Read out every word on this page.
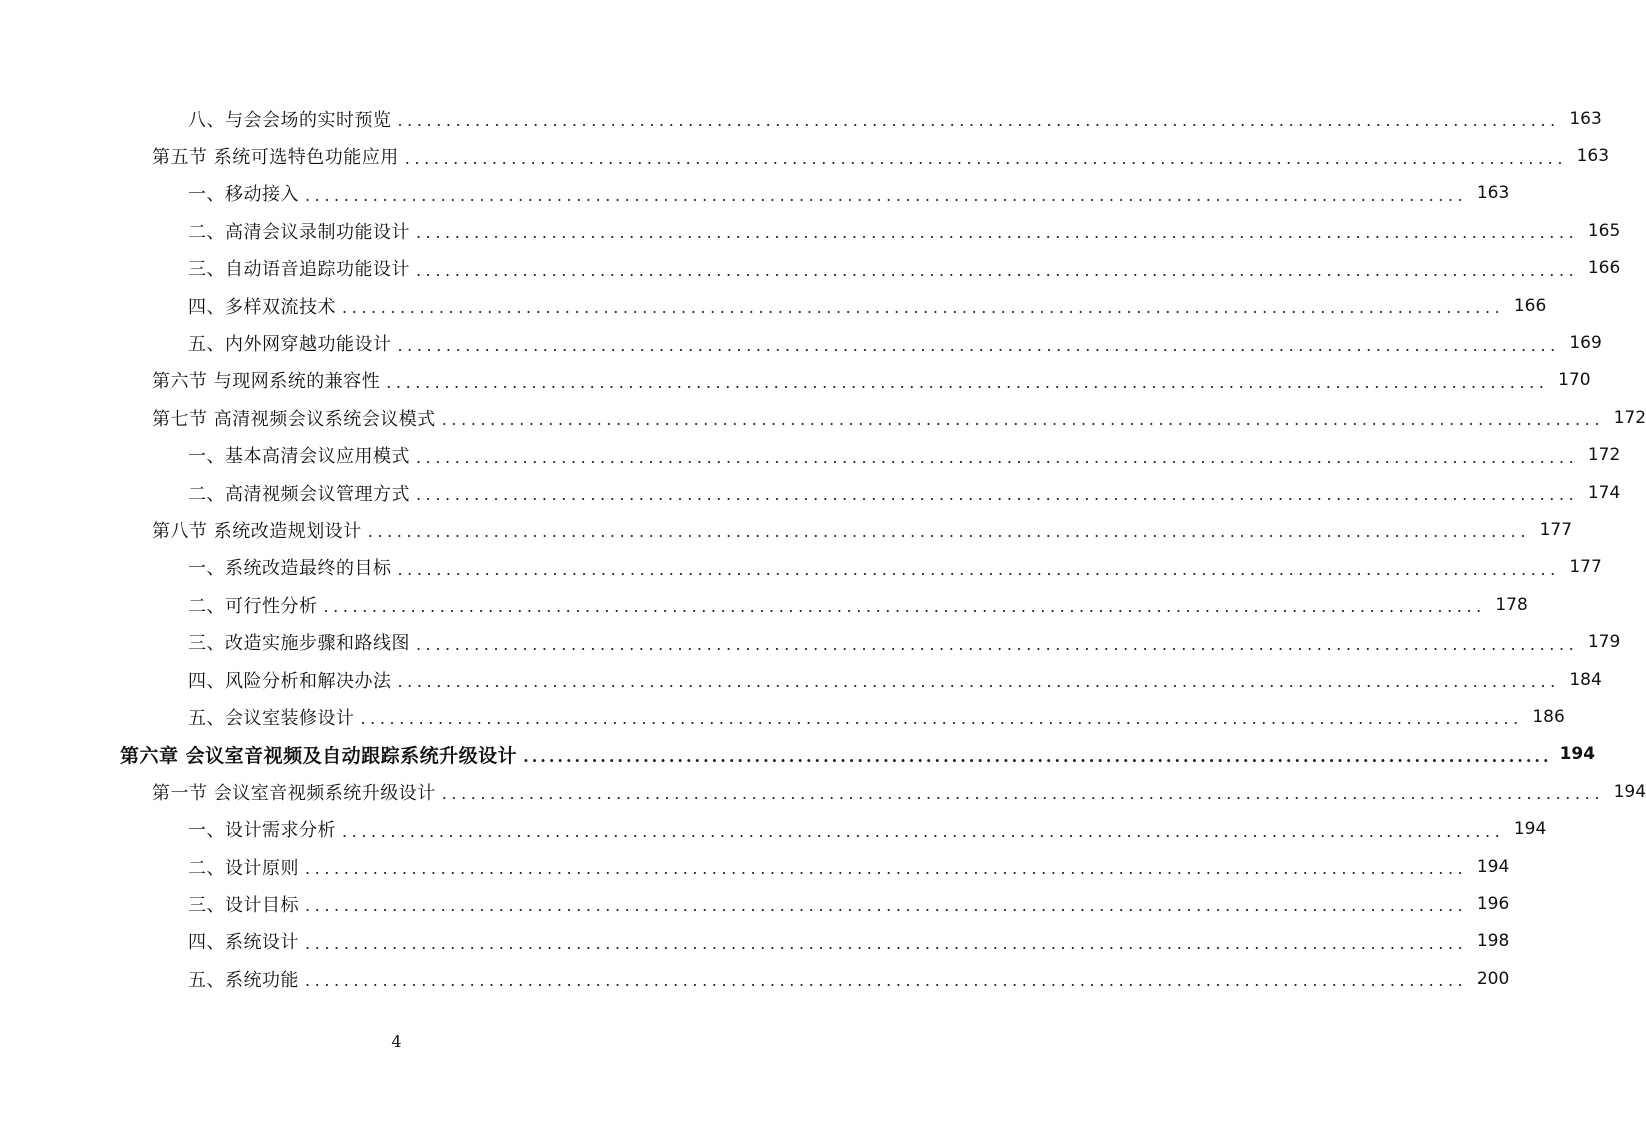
八、与会会场的实时预览 ........................................................................................................................ 163
第五节 系统可选特色功能应用 ........................................................................................................................ 163
一、移动接入 ........................................................................................................................ 163
二、高清会议录制功能设计 ........................................................................................................................ 165
三、自动语音追踪功能设计 ........................................................................................................................ 166
四、多样双流技术 ........................................................................................................................ 166
五、内外网穿越功能设计 ........................................................................................................................ 169
第六节 与现网系统的兼容性 ........................................................................................................................ 170
第七节 高清视频会议系统会议模式 ........................................................................................................................ 172
一、基本高清会议应用模式 ........................................................................................................................ 172
二、高清视频会议管理方式 ........................................................................................................................ 174
第八节 系统改造规划设计 ........................................................................................................................ 177
一、系统改造最终的目标 ........................................................................................................................ 177
二、可行性分析 ........................................................................................................................ 178
三、改造实施步骤和路线图 ........................................................................................................................ 179
四、风险分析和解决办法 ........................................................................................................................ 184
五、会议室装修设计 ........................................................................................................................ 186
第六章 会议室音视频及自动跟踪系统升级设计 ........................................................................................................................ 194
第一节 会议室音视频系统升级设计 ........................................................................................................................ 194
一、设计需求分析 ........................................................................................................................ 194
二、设计原则 ........................................................................................................................ 194
三、设计目标 ........................................................................................................................ 196
四、系统设计 ........................................................................................................................ 198
五、系统功能 ........................................................................................................................ 200
4
